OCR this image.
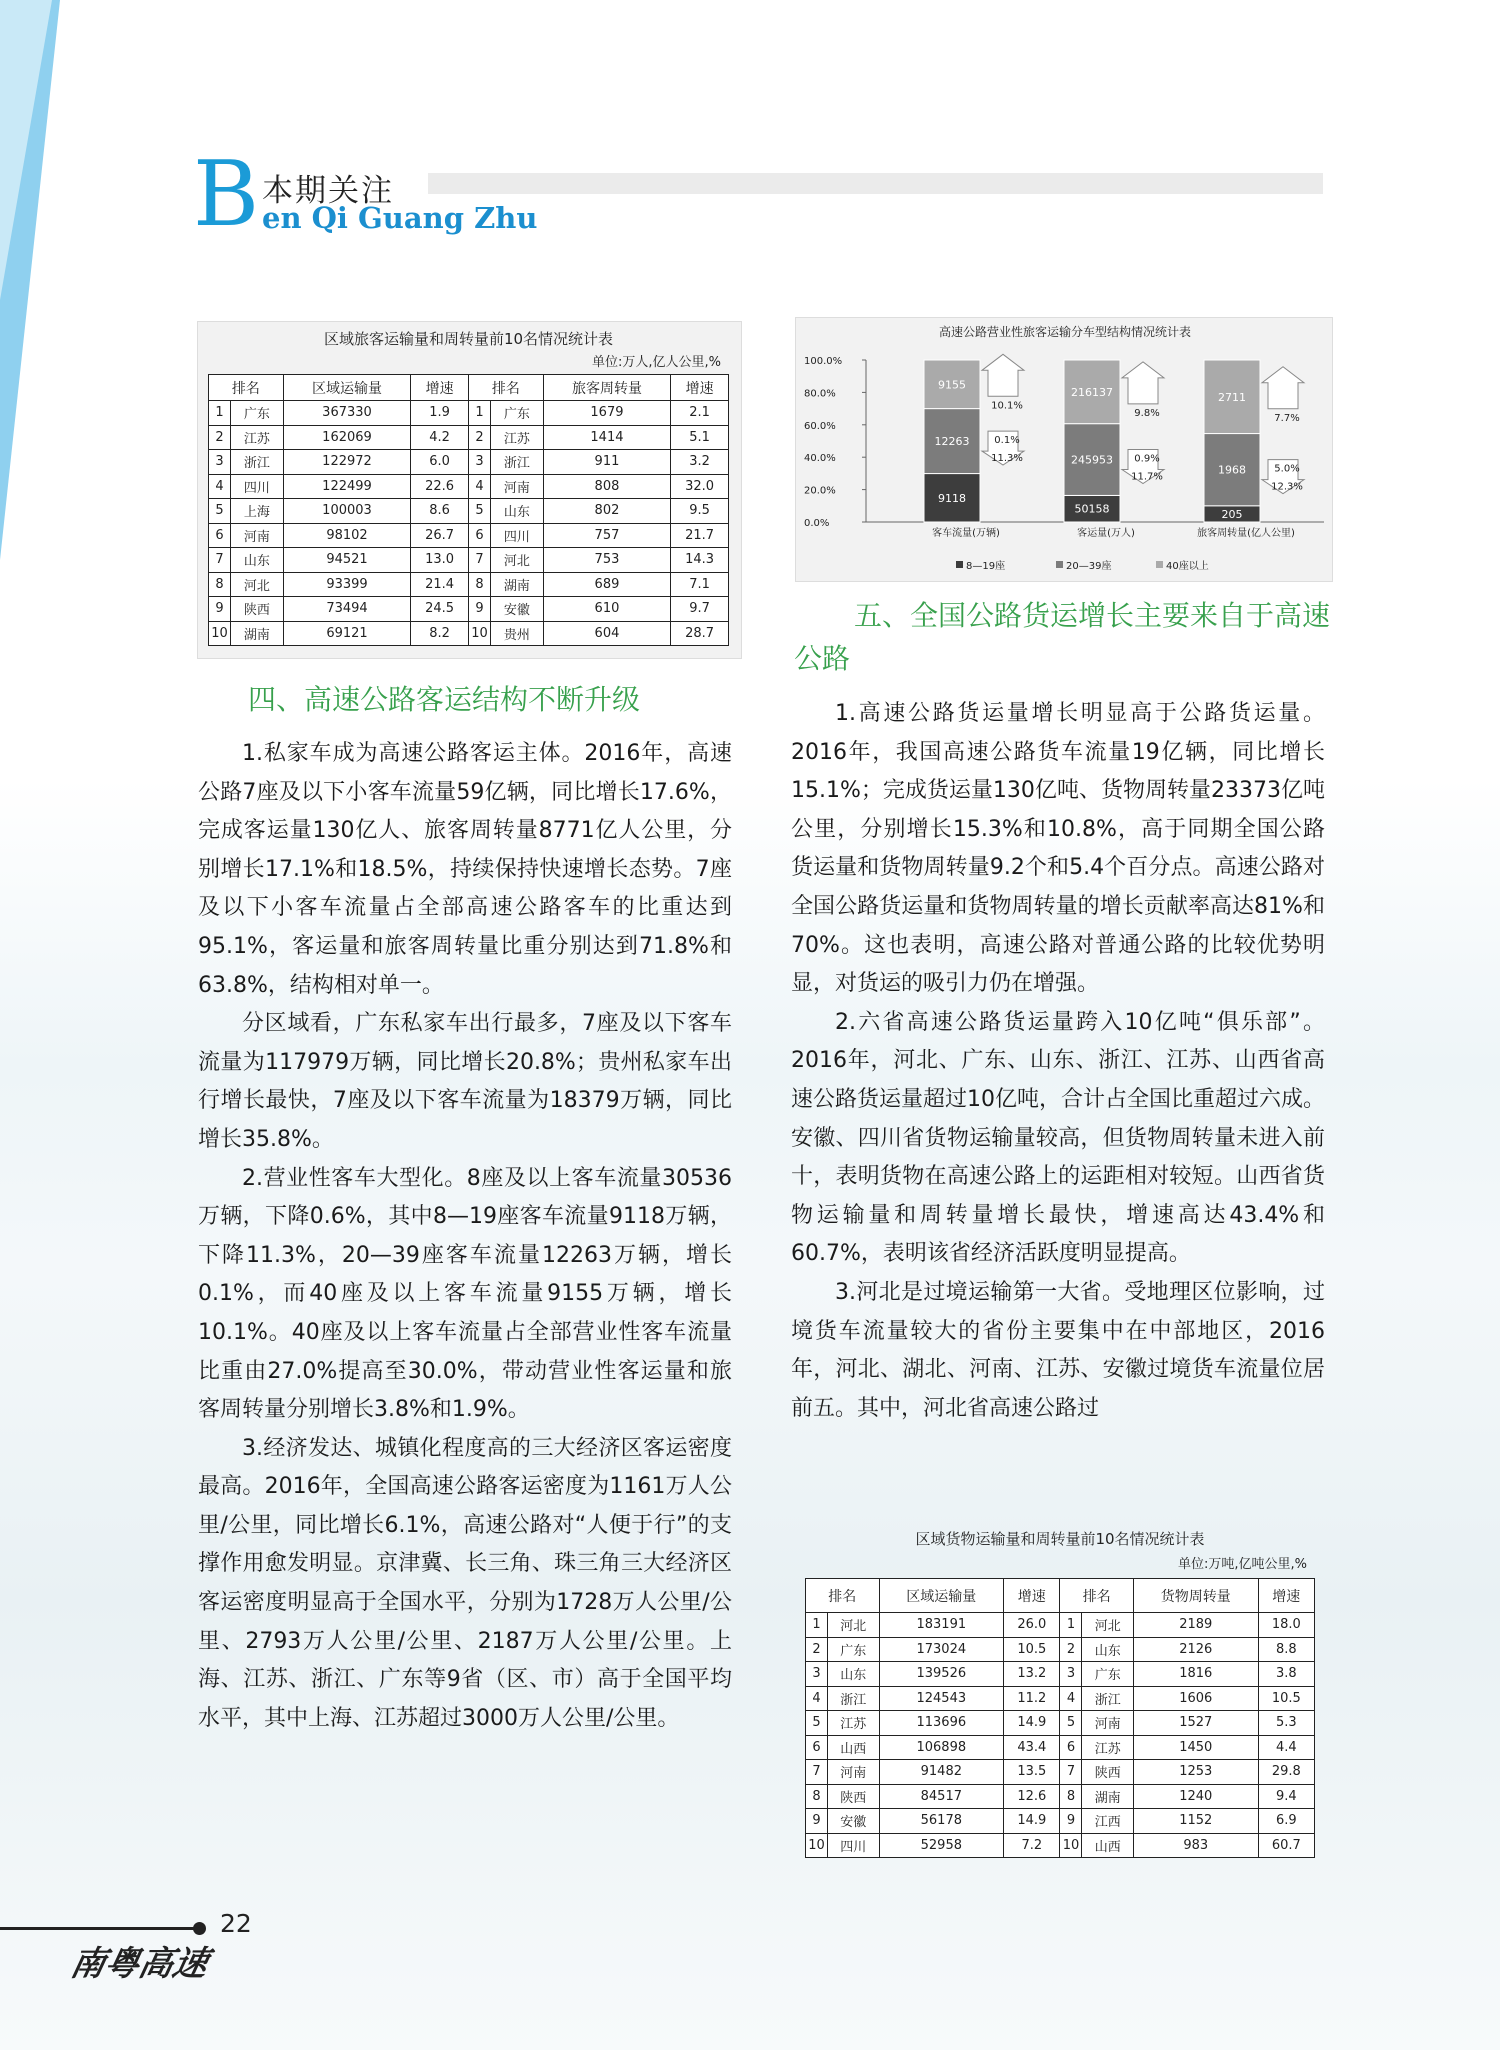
B 本期关注
en Qi Guang Zhu
区域旅客运输量和周转量前10名情况统计表
单位:万人,亿人公里,%
排名		区域运输量	增速	排名		旅客周转量	增速
1	广东	367330	1.9	1	广东	1679	2.1
2	江苏	162069	4.2	2	江苏	1414	5.1
3	浙江	122972	6.0	3	浙江	911	3.2
4	四川	122499	22.6	4	河南	808	32.0
5	上海	100003	8.6	5	山东	802	9.5
6	河南	98102	26.7	6	四川	757	21.7
7	山东	94521	13.0	7	河北	753	14.3
8	河北	93399	21.4	8	湖南	689	7.1
9	陕西	73494	24.5	9	安徽	610	9.7
10	湖南	69121	8.2	10	贵州	604	28.7
高速公路营业性旅客运输分车型结构情况统计表
100.0%
80.0%
60.0%
40.0%
20.0%
0.0%
9118
12263
9155
客车流量(万辆)
10.1%
0.1%
11.3%
50158
245953
216137
客运量(万人)
9.8%
0.9%
11.7%
205
1968
2711
旅客周转量(亿人公里)
7.7%
5.0%
12.3%
8—19座	20—39座	40座以上
四、高速公路客运结构不断升级

1.私家车成为高速公路客运主体。2016年，高速公路7座及以下小客车流量59亿辆，同比增长17.6%，完成客运量130亿人、旅客周转量8771亿人公里，分别增长17.1%和18.5%，持续保持快速增长态势。7座及以下小客车流量占全部高速公路客车的比重达到95.1%，客运量和旅客周转量比重分别达到71.8%和63.8%，结构相对单一。

分区域看，广东私家车出行最多，7座及以下客车流量为117979万辆，同比增长20.8%；贵州私家车出行增长最快，7座及以下客车流量为18379万辆，同比增长35.8%。

2.营业性客车大型化。8座及以上客车流量30536万辆，下降0.6%，其中8—19座客车流量9118万辆，下降11.3%，20—39座客车流量12263万辆，增长0.1%，而40座及以上客车流量9155万辆，增长10.1%。40座及以上客车流量占全部营业性客车流量比重由27.0%提高至30.0%，带动营业性客运量和旅客周转量分别增长3.8%和1.9%。

3.经济发达、城镇化程度高的三大经济区客运密度最高。2016年，全国高速公路客运密度为1161万人公里/公里，同比增长6.1%，高速公路对“人便于行”的支撑作用愈发明显。京津冀、长三角、珠三角三大经济区客运密度明显高于全国水平，分别为1728万人公里/公里、2793万人公里/公里、2187万人公里/公里。上海、江苏、浙江、广东等9省（区、市）高于全国平均水平，其中上海、江苏超过3000万人公里/公里。

五、全国公路货运增长主要来自于高速公路

1.高速公路货运量增长明显高于公路货运量。2016年，我国高速公路货车流量19亿辆，同比增长15.1%；完成货运量130亿吨、货物周转量23373亿吨公里，分别增长15.3%和10.8%，高于同期全国公路货运量和货物周转量9.2个和5.4个百分点。高速公路对全国公路货运量和货物周转量的增长贡献率高达81%和70%。这也表明，高速公路对普通公路的比较优势明显，对货运的吸引力仍在增强。

2.六省高速公路货运量跨入10亿吨“俱乐部”。2016年，河北、广东、山东、浙江、江苏、山西省高速公路货运量超过10亿吨，合计占全国比重超过六成。安徽、四川省货物运输量较高，但货物周转量未进入前十，表明货物在高速公路上的运距相对较短。山西省货物运输量和周转量增长最快，增速高达43.4%和60.7%，表明该省经济活跃度明显提高。

3.河北是过境运输第一大省。受地理区位影响，过境货车流量较大的省份主要集中在中部地区，2016年，河北、湖北、河南、江苏、安徽过境货车流量位居前五。其中，河北省高速公路过

区域货物运输量和周转量前10名情况统计表
单位:万吨,亿吨公里,%
排名		区域运输量	增速	排名		货物周转量	增速
1	河北	183191	26.0	1	河北	2189	18.0
2	广东	173024	10.5	2	山东	2126	8.8
3	山东	139526	13.2	3	广东	1816	3.8
4	浙江	124543	11.2	4	浙江	1606	10.5
5	江苏	113696	14.9	5	河南	1527	5.3
6	山西	106898	43.4	6	江苏	1450	4.4
7	河南	91482	13.5	7	陕西	1253	29.8
8	陕西	84517	12.6	8	湖南	1240	9.4
9	安徽	56178	14.9	9	江西	1152	6.9
10	四川	52958	7.2	10	山西	983	60.7
22
南粤高速
